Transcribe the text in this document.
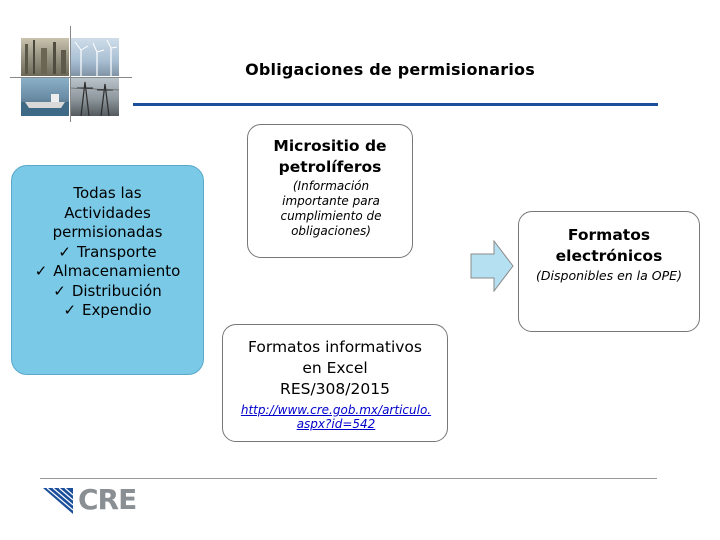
Obligaciones de permisionarios
Todas las
Actividades
permisionadas
✓ Transporte
✓ Almacenamiento
✓ Distribución
✓ Expendio
Micrositio de
petrolíferos
(Información
importante para
cumplimiento de
obligaciones)
Formatos informativos
en Excel
RES/308/2015
http://www.cre.gob.mx/articulo.
aspx?id=542
Formatos
electrónicos
(Disponibles en la OPE)
CRE
